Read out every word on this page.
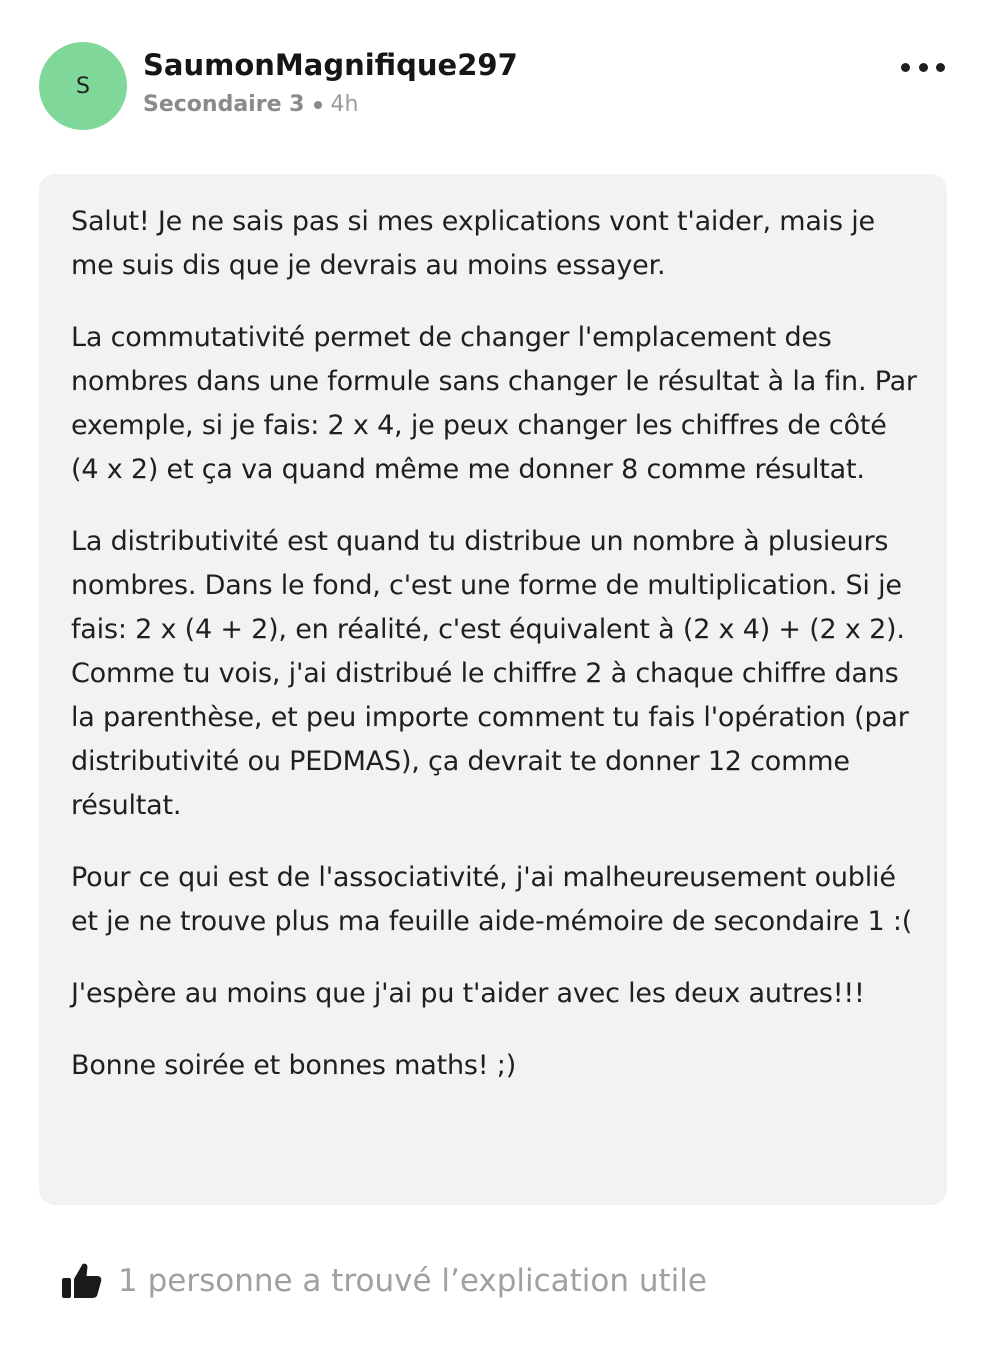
S
SaumonMagnifique297
Secondaire 3 4h

Salut! Je ne sais pas si mes explications vont t'aider, mais je me suis dis que je devrais au moins essayer.

La commutativité permet de changer l'emplacement des nombres dans une formule sans changer le résultat à la fin. Par exemple, si je fais: 2 x 4, je peux changer les chiffres de côté (4 x 2) et ça va quand même me donner 8 comme résultat.

La distributivité est quand tu distribue un nombre à plusieurs nombres. Dans le fond, c'est une forme de multiplication. Si je fais: 2 x (4 + 2), en réalité, c'est équivalent à (2 x 4) + (2 x 2). Comme tu vois, j'ai distribué le chiffre 2 à chaque chiffre dans la parenthèse, et peu importe comment tu fais l'opération (par distributivité ou PEDMAS), ça devrait te donner 12 comme résultat.

Pour ce qui est de l'associativité, j'ai malheureusement oublié et je ne trouve plus ma feuille aide-mémoire de secondaire 1 :(

J'espère au moins que j'ai pu t'aider avec les deux autres!!!

Bonne soirée et bonnes maths! ;)

1 personne a trouvé l’explication utile
